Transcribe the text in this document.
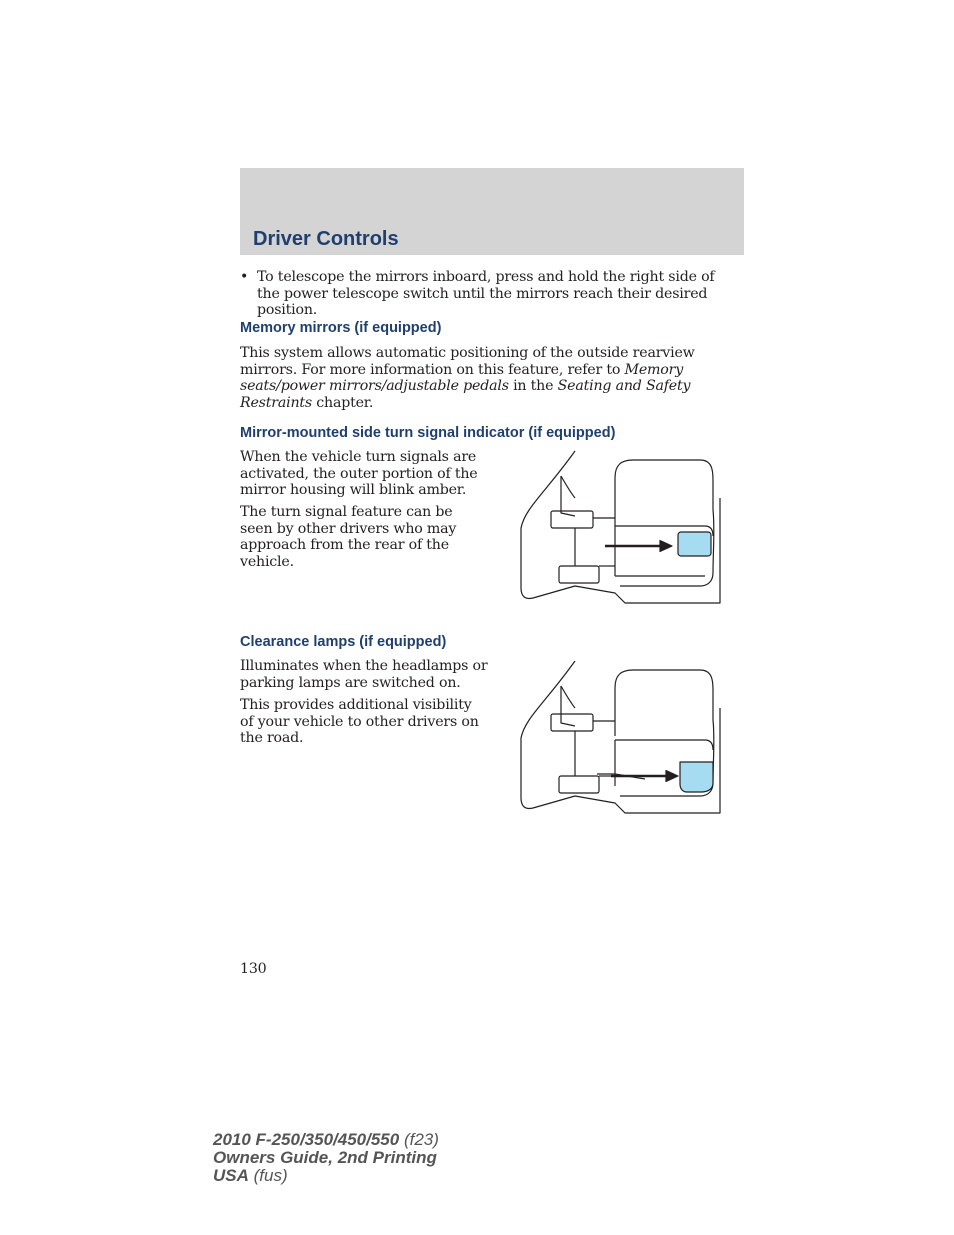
Driver Controls
• To telescope the mirrors inboard, press and hold the right side of the power telescope switch until the mirrors reach their desired position.
Memory mirrors (if equipped)

This system allows automatic positioning of the outside rearview mirrors. For more information on this feature, refer to Memory seats/power mirrors/adjustable pedals in the Seating and Safety Restraints chapter.

Mirror-mounted side turn signal indicator (if equipped)

When the vehicle turn signals are activated, the outer portion of the mirror housing will blink amber.

The turn signal feature can be seen by other drivers who may approach from the rear of the vehicle.

Clearance lamps (if equipped)

Illuminates when the headlamps or parking lamps are switched on.

This provides additional visibility of your vehicle to other drivers on the road.

130
2010 F-250/350/450/550 (f23)
Owners Guide, 2nd Printing
USA (fus)
